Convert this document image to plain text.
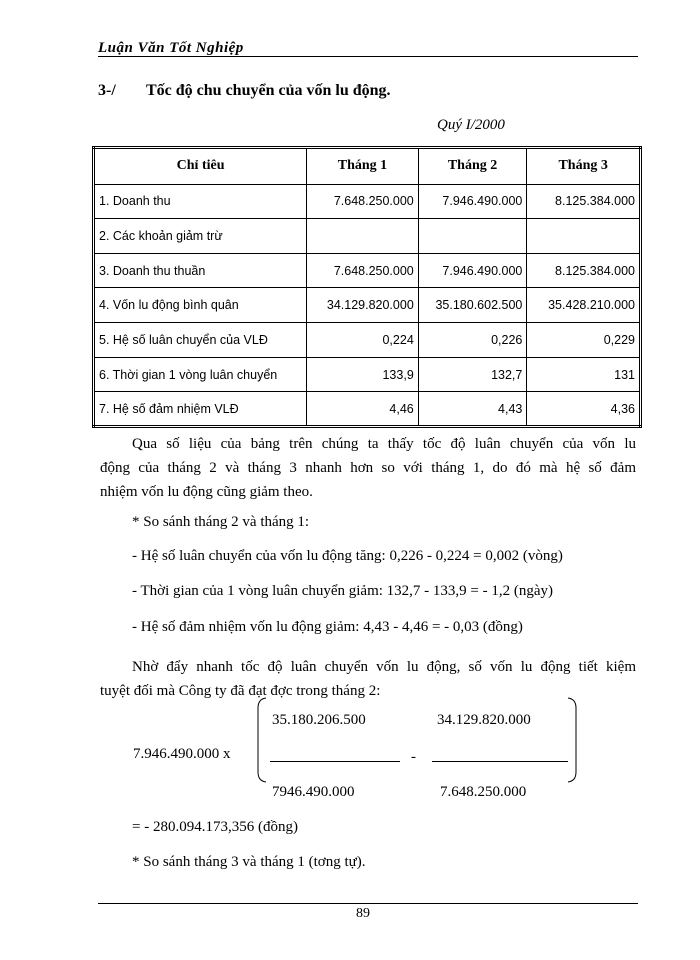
Luận Văn Tốt Nghiệp
3-/ Tốc độ chu chuyển của vốn lu động.
Quý I/2000
Chỉ tiêu	Tháng 1	Tháng 2	Tháng 3
1. Doanh thu	7.648.250.000	7.946.490.000	8.125.384.000
2. Các khoản giảm trừ			
3. Doanh thu thuần	7.648.250.000	7.946.490.000	8.125.384.000
4. Vốn lu động bình quân	34.129.820.000	35.180.602.500	35.428.210.000
5. Hệ số luân chuyển của VLĐ	0,224	0,226	0,229
6. Thời gian 1 vòng luân chuyển	133,9	132,7	131
7. Hệ số đảm nhiệm VLĐ	4,46	4,43	4,36
Qua số liệu của bảng trên chúng ta thấy tốc độ luân chuyển của vốn lu
động của tháng 2 và tháng 3 nhanh hơn so với tháng 1, do đó mà hệ số đảm
nhiệm vốn lu động cũng giảm theo.
* So sánh tháng 2 và tháng 1:
- Hệ số luân chuyển của vốn lu động tăng: 0,226 - 0,224 = 0,002 (vòng)
- Thời gian của 1 vòng luân chuyển giảm: 132,7 - 133,9 = - 1,2 (ngày)
- Hệ số đảm nhiệm vốn lu động giảm: 4,43 - 4,46 = - 0,03 (đồng)
Nhờ đẩy nhanh tốc độ luân chuyển vốn lu động, số vốn lu động tiết kiệm
tuyệt đối mà Công ty đã đạt đợc trong tháng 2:
7.946.490.000 x
35.180.206.500
7946.490.000
-
34.129.820.000
7.648.250.000
= - 280.094.173,356 (đồng)
* So sánh tháng 3 và tháng 1 (tơng tự).
89
